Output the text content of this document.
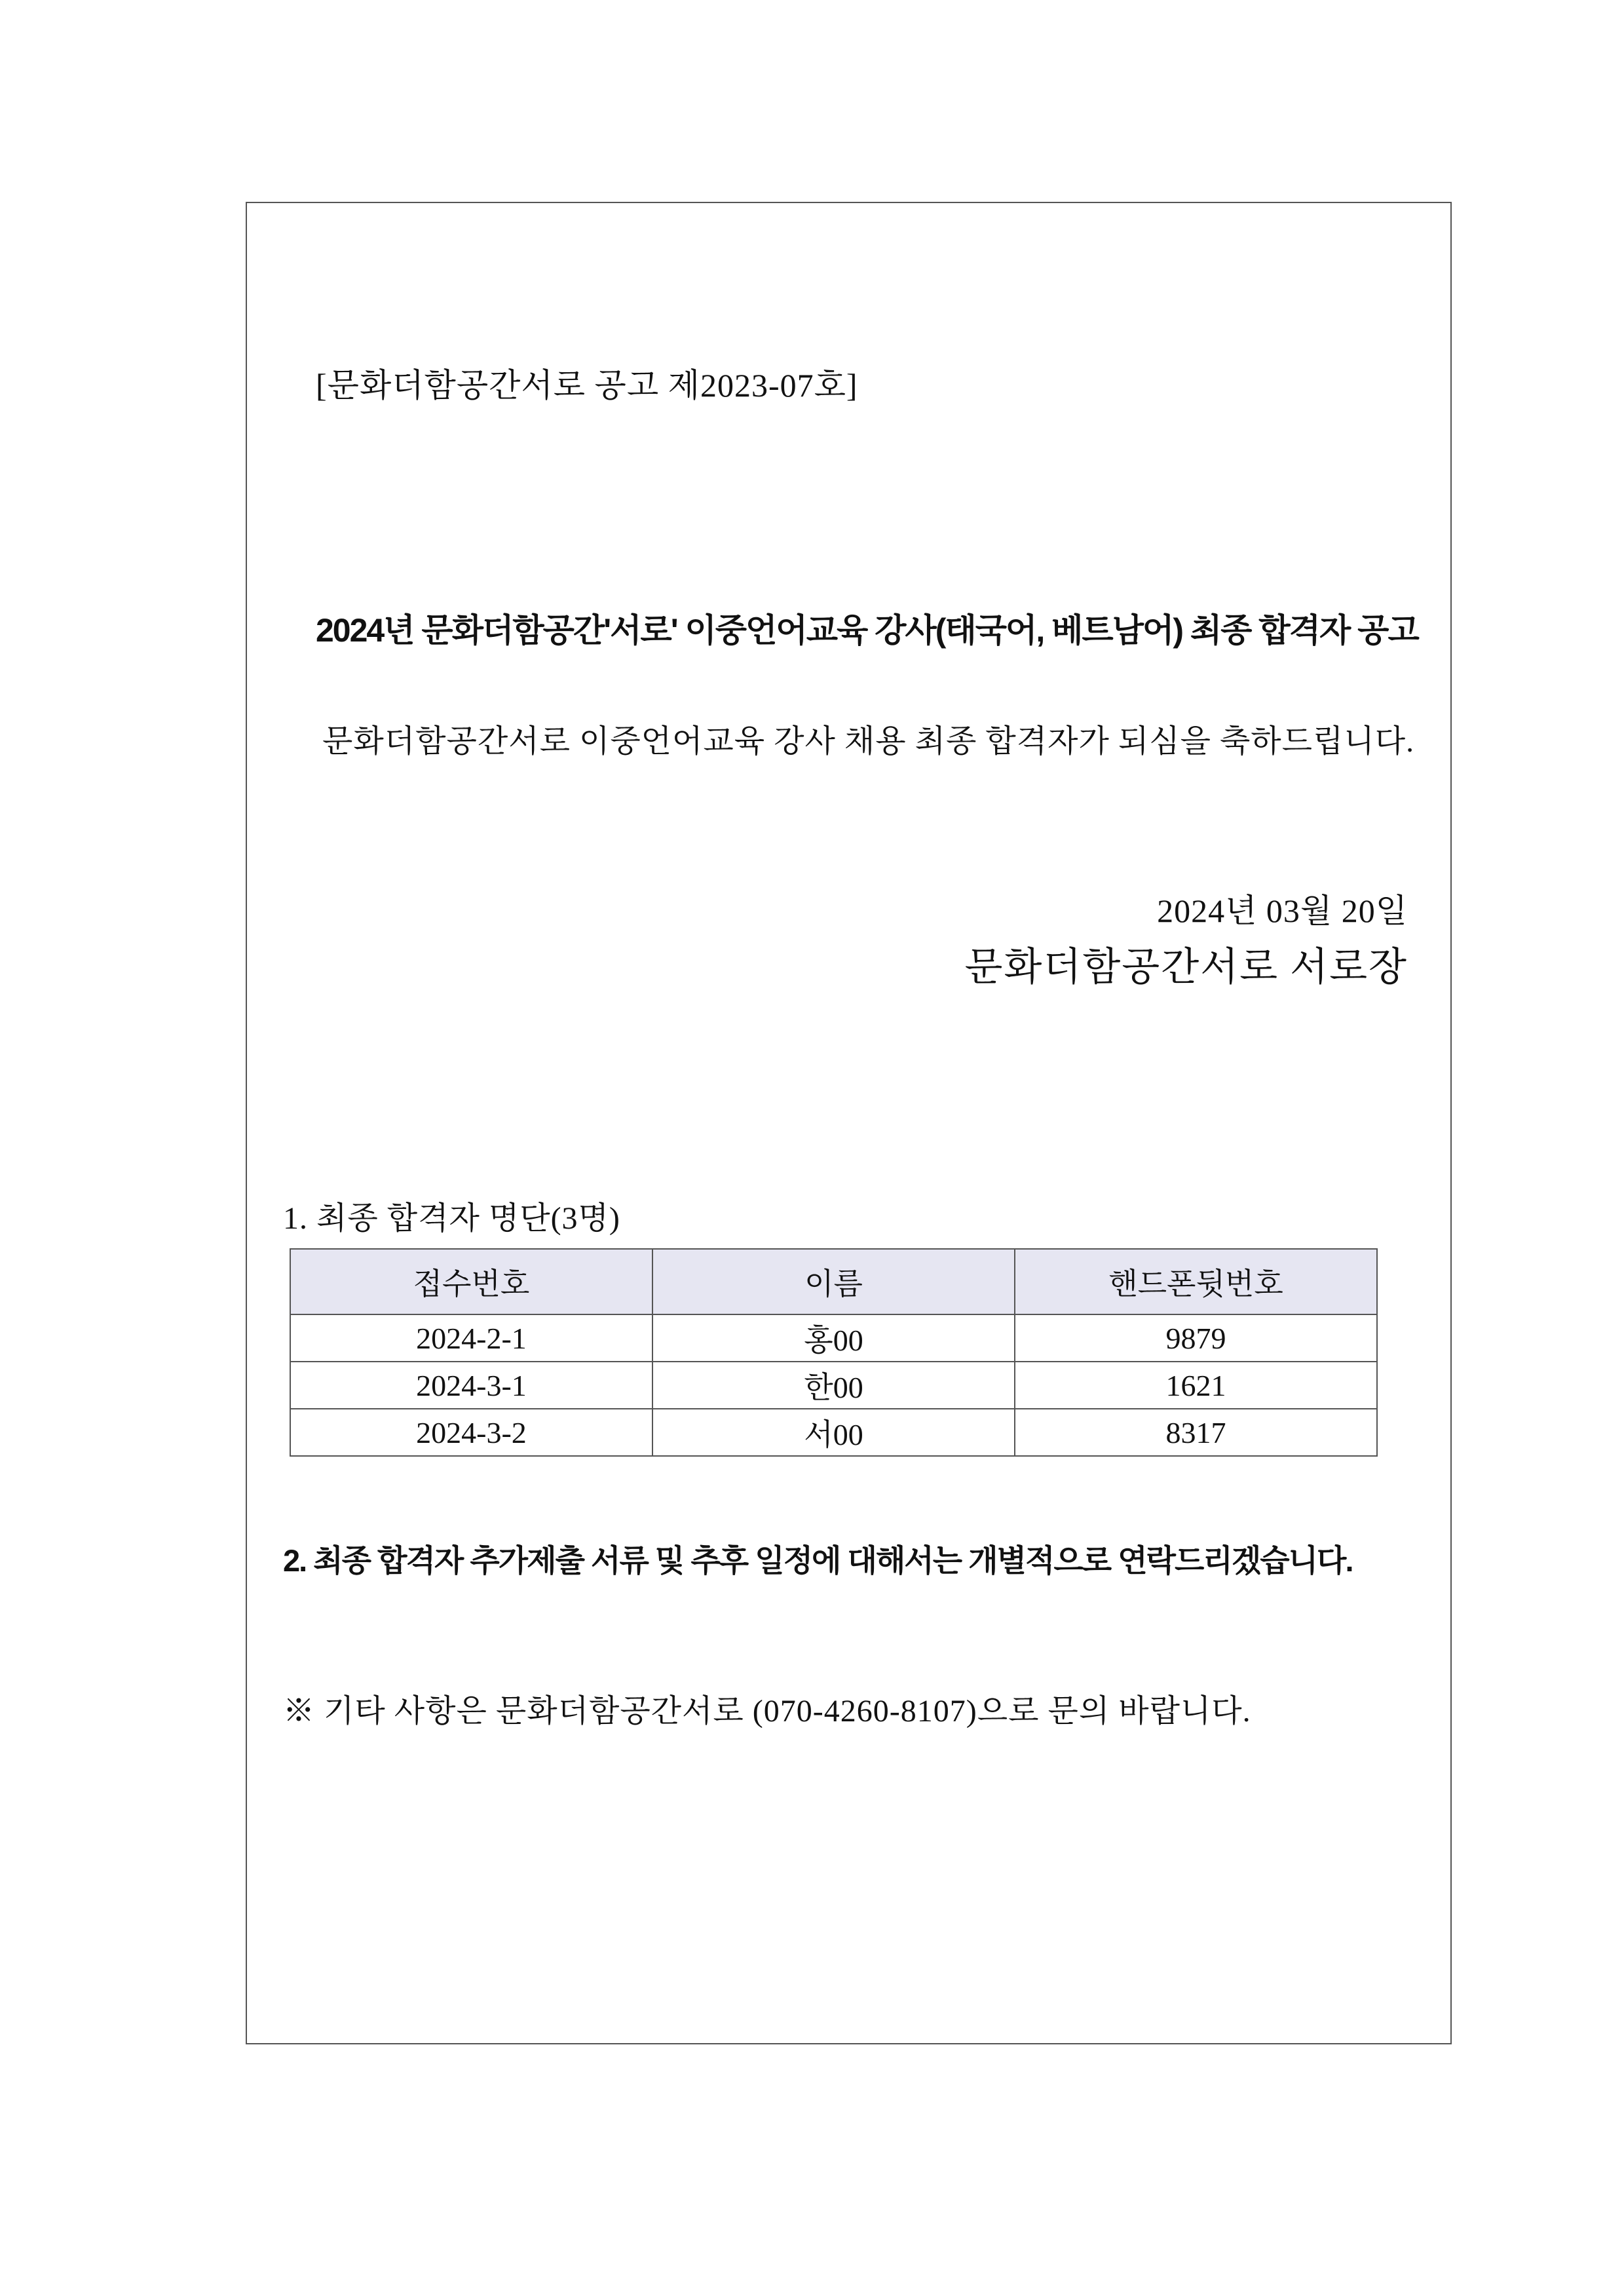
[문화더함공간서로 공고 제2023-07호]
2024년 문화더함공간'서로' 이중언어교육 강사(태국어, 베트남어) 최종 합격자 공고
문화더함공간서로 이중언어교육 강사 채용 최종 합격자가 되심을 축하드립니다.
2024년 03월 20일
문화더함공간서로 서로장
1. 최종 합격자 명단(3명)
접수번호	이름	핸드폰뒷번호
2024-2-1	홍00	9879
2024-3-1	한00	1621
2024-3-2	서00	8317
2. 최종 합격자 추가제출 서류 및 추후 일정에 대해서는 개별적으로 연락드리겠습니다.
※ 기타 사항은 문화더함공간서로 (070-4260-8107)으로 문의 바랍니다.
